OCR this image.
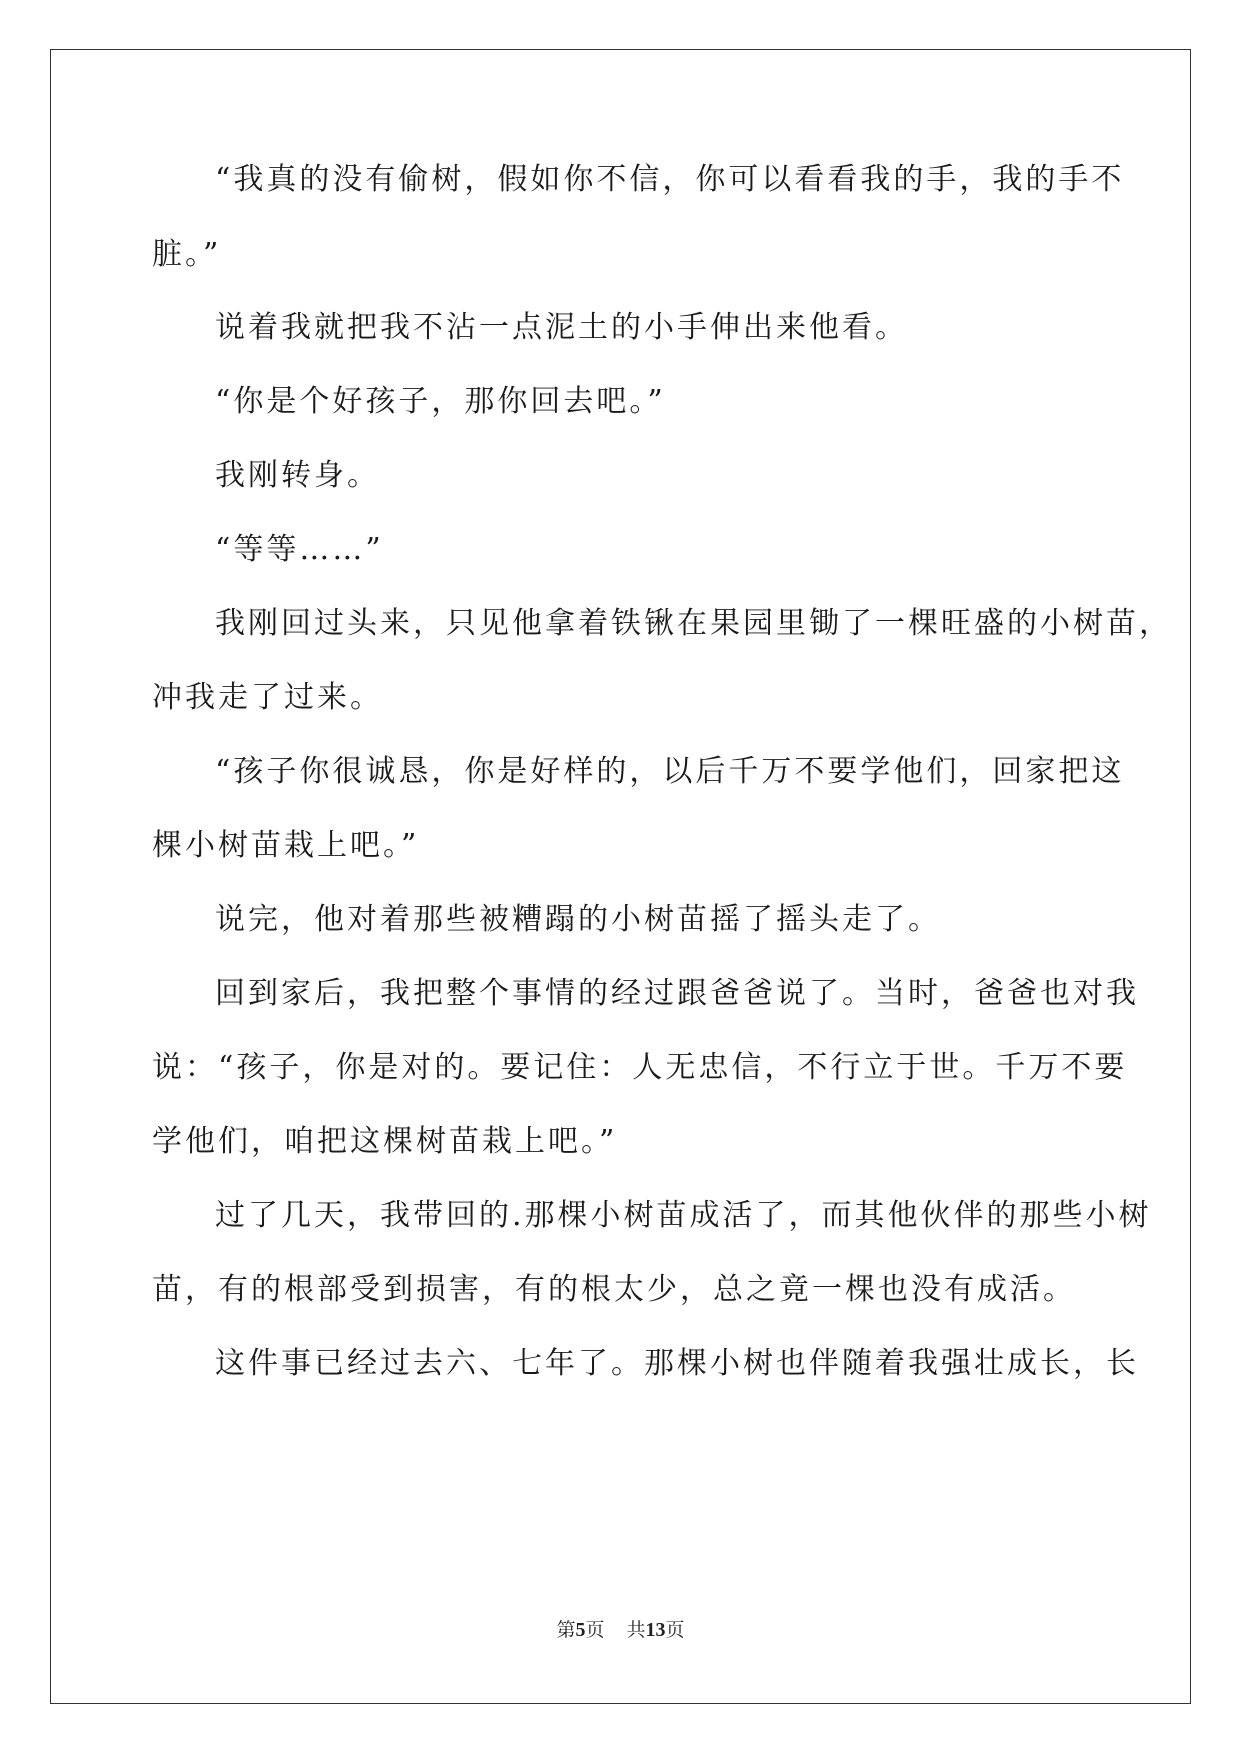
“我真的没有偷树，假如你不信，你可以看看我的手，我的手不
脏。”
说着我就把我不沾一点泥土的小手伸出来他看。
“你是个好孩子，那你回去吧。”
我刚转身。
“等等……”
我刚回过头来，只见他拿着铁锹在果园里锄了一棵旺盛的小树苗，
冲我走了过来。
“孩子你很诚恳，你是好样的，以后千万不要学他们，回家把这
棵小树苗栽上吧。”
说完，他对着那些被糟蹋的小树苗摇了摇头走了。
回到家后，我把整个事情的经过跟爸爸说了。当时，爸爸也对我
说：“孩子，你是对的。要记住：人无忠信，不行立于世。千万不要
学他们，咱把这棵树苗栽上吧。”
过了几天，我带回的.那棵小树苗成活了，而其他伙伴的那些小树
苗，有的根部受到损害，有的根太少，总之竟一棵也没有成活。
这件事已经过去六、七年了。那棵小树也伴随着我强壮成长，长
第5页 共13页
